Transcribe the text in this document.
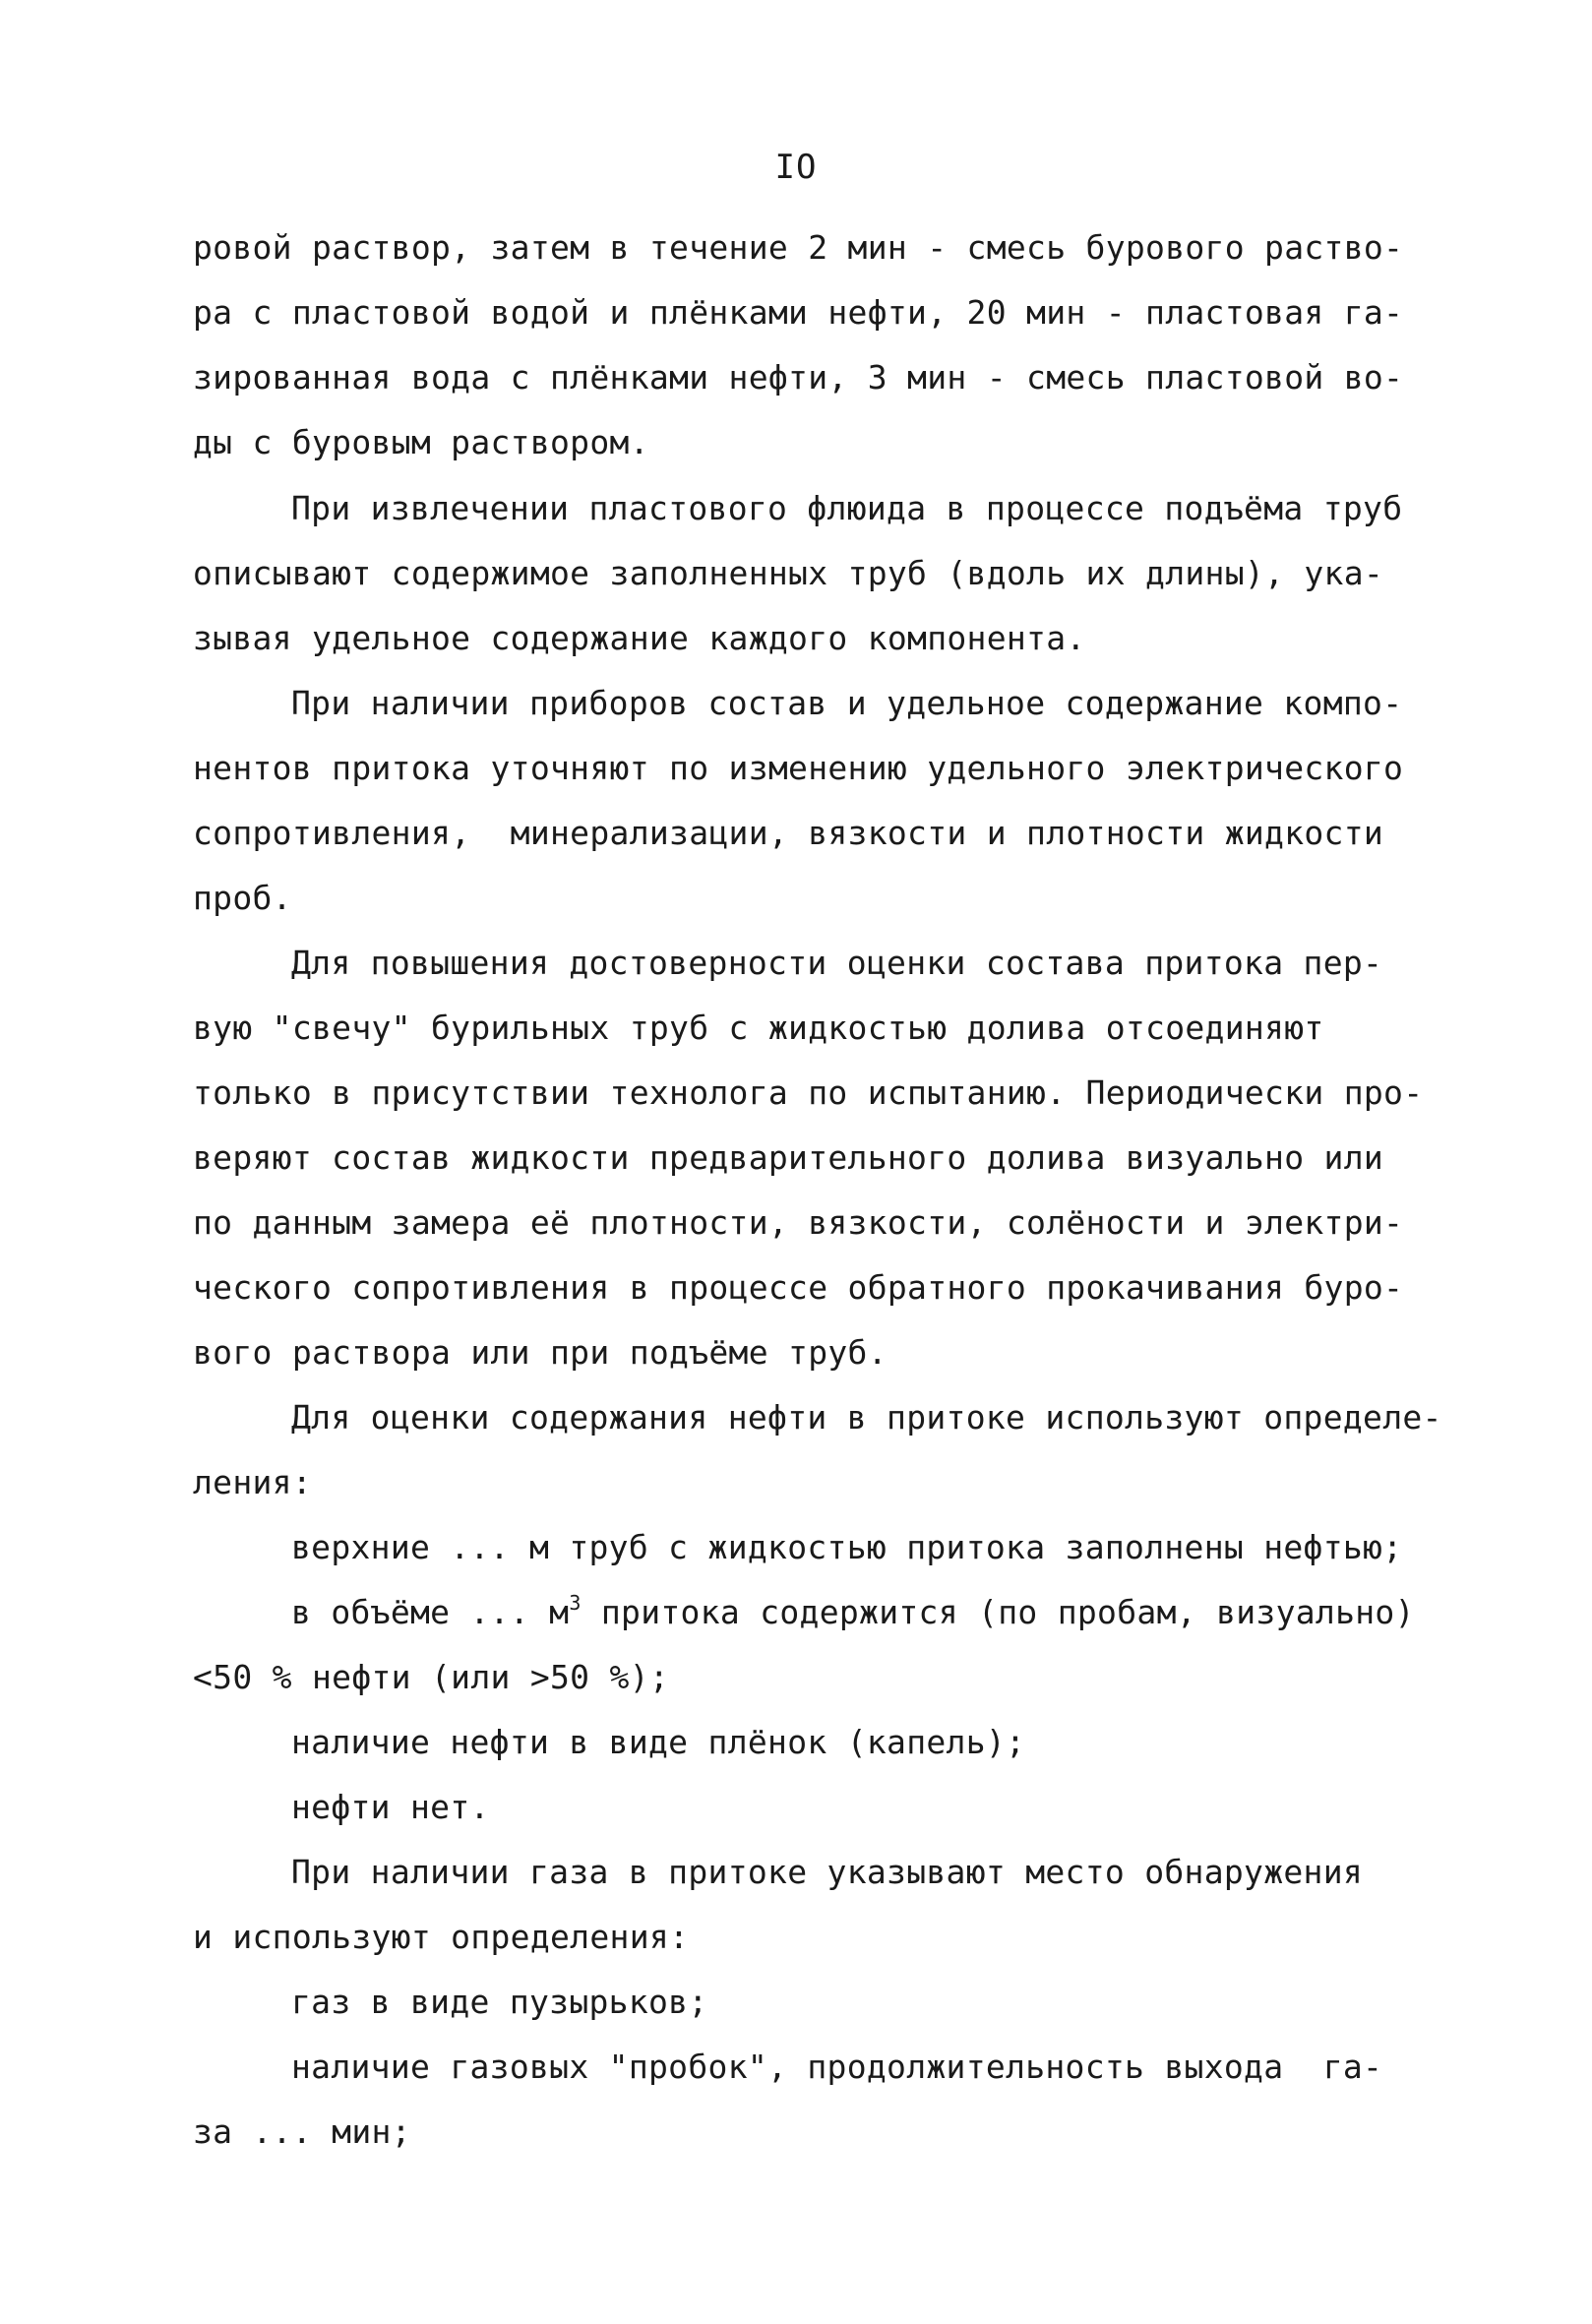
IO
ровой раствор, затем в течение 2 мин - смесь бурового раство-
ра с пластовой водой и плёнками нефти, 20 мин - пластовая га-
зированная вода с плёнками нефти, 3 мин - смесь пластовой во-
ды с буровым раствором.
При извлечении пластового флюида в процессе подъёма труб
описывают содержимое заполненных труб (вдоль их длины), ука-
зывая удельное содержание каждого компонента.
При наличии приборов состав и удельное содержание компо-
нентов притока уточняют по изменению удельного электрического
сопротивления,  минерализации, вязкости и плотности жидкости
проб.
Для повышения достоверности оценки состава притока пер-
вую "свечу" бурильных труб с жидкостью долива отсоединяют
только в присутствии технолога по испытанию. Периодически про-
веряют состав жидкости предварительного долива визуально или
по данным замера её плотности, вязкости, солёности и электри-
ческого сопротивления в процессе обратного прокачивания буро-
вого раствора или при подъёме труб.
Для оценки содержания нефти в притоке используют определе-
ления:
верхние ... м труб с жидкостью притока заполнены нефтью;
в объёме ... $м^3$ притока содержится (по пробам, визуально)
<50 % нефти (или >50 %);
наличие нефти в виде плёнок (капель);
нефти нет.
При наличии газа в притоке указывают место обнаружения
и используют определения:
газ в виде пузырьков;
наличие газовых "пробок", продолжительность выхода  га-
за ... мин;
